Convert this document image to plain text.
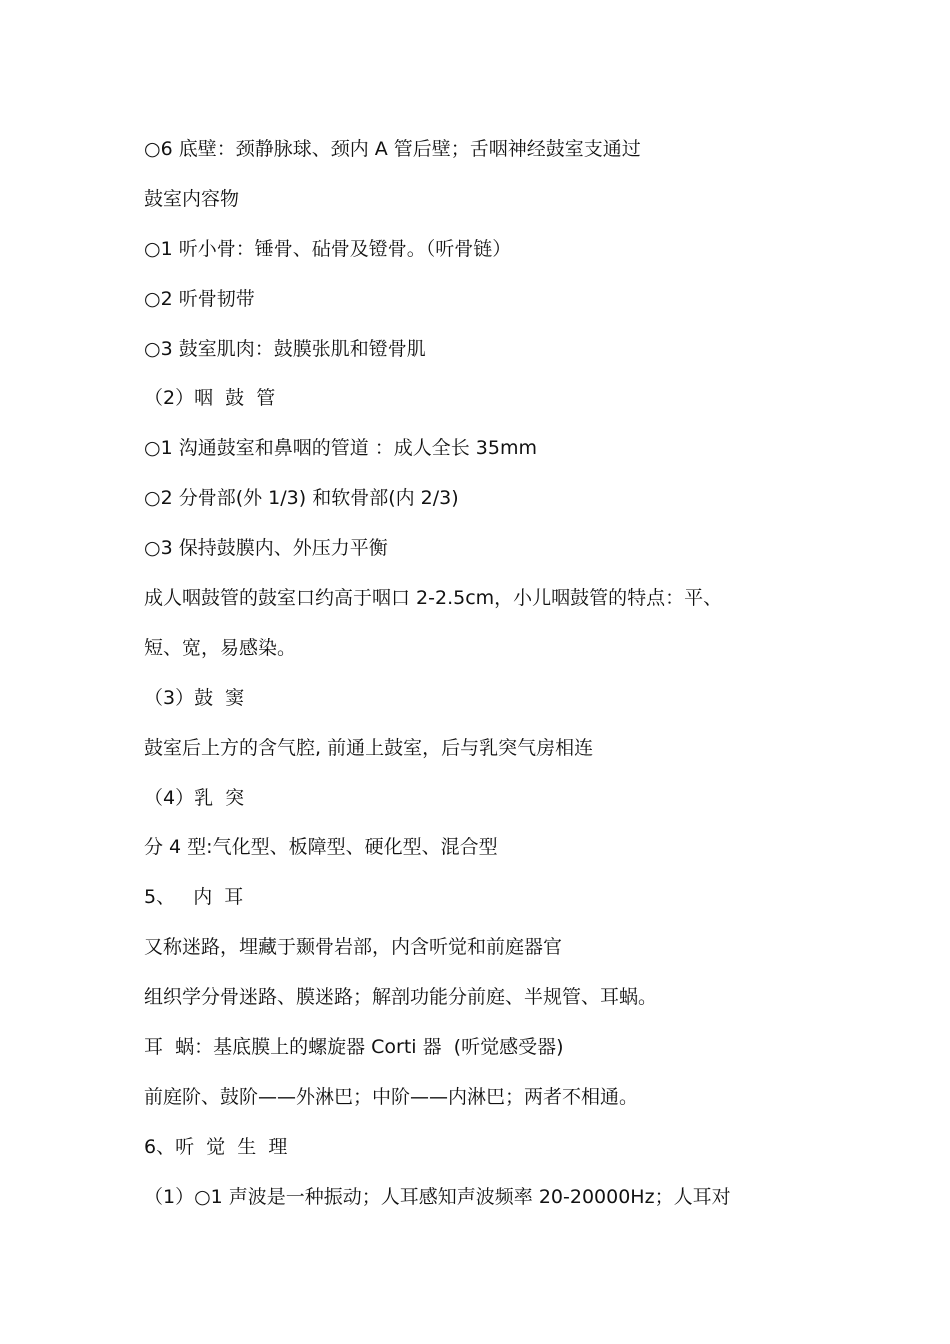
○6 底壁：颈静脉球、颈内 A 管后壁；舌咽神经鼓室支通过
鼓室内容物
○1 听小骨：锤骨、砧骨及镫骨。（听骨链）
○2 听骨韧带
○3 鼓室肌肉：鼓膜张肌和镫骨肌
（2）咽  鼓  管
○1 沟通鼓室和鼻咽的管道 ：成人全长 35mm
○2 分骨部(外 1/3) 和软骨部(内 2/3)
○3 保持鼓膜内、外压力平衡
成人咽鼓管的鼓室口约高于咽口 2-2.5cm，小儿咽鼓管的特点：平、
短、宽，易感染。
（3）鼓  窦
鼓室后上方的含气腔, 前通上鼓室，后与乳突气房相连
（4）乳  突
分 4 型:气化型、板障型、硬化型、混合型
5、   内  耳
又称迷路，埋藏于颞骨岩部，内含听觉和前庭器官
组织学分骨迷路、膜迷路；解剖功能分前庭、半规管、耳蜗。
耳  蜗：基底膜上的螺旋器 Corti 器  (听觉感受器)
前庭阶、鼓阶——外淋巴；中阶——内淋巴；两者不相通。
6、听  觉  生  理
（1）○1 声波是一种振动；人耳感知声波频率 20-20000Hz；人耳对
